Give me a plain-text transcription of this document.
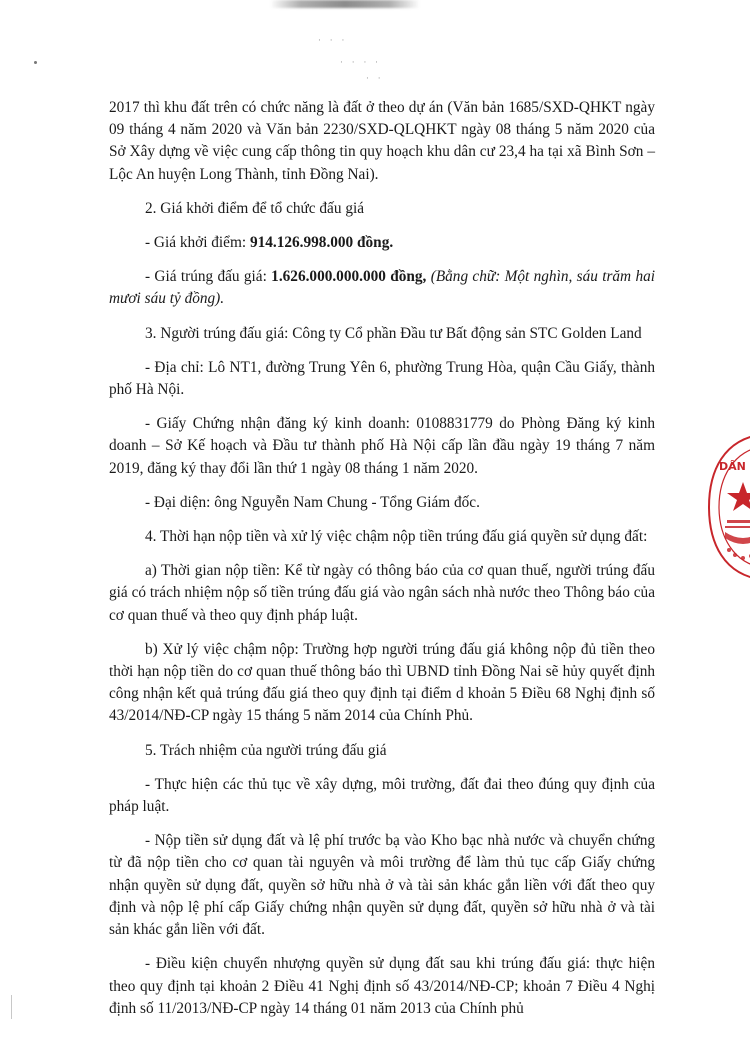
· · ·
· · · ·
· ·

2017 thì khu đất trên có chức năng là đất ở theo dự án (Văn bản 1685/SXD-QHKT ngày 09 tháng 4 năm 2020 và Văn bản 2230/SXD-QLQHKT ngày 08 tháng 5 năm 2020 của Sở Xây dựng về việc cung cấp thông tin quy hoạch khu dân cư 23,4 ha tại xã Bình Sơn – Lộc An huyện Long Thành, tỉnh Đồng Nai).

2. Giá khởi điểm để tổ chức đấu giá

- Giá khởi điểm: 914.126.998.000 đồng.

- Giá trúng đấu giá: 1.626.000.000.000 đồng, (Bằng chữ: Một nghìn, sáu trăm hai mươi sáu tỷ đồng).

3. Người trúng đấu giá: Công ty Cổ phần Đầu tư Bất động sản STC Golden Land

- Địa chỉ: Lô NT1, đường Trung Yên 6, phường Trung Hòa, quận Cầu Giấy, thành phố Hà Nội.

- Giấy Chứng nhận đăng ký kinh doanh: 0108831779 do Phòng Đăng ký kinh doanh – Sở Kế hoạch và Đầu tư thành phố Hà Nội cấp lần đầu ngày 19 tháng 7 năm 2019, đăng ký thay đổi lần thứ 1 ngày 08 tháng 1 năm 2020.

- Đại diện: ông Nguyễn Nam Chung - Tổng Giám đốc.

4. Thời hạn nộp tiền và xử lý việc chậm nộp tiền trúng đấu giá quyền sử dụng đất:

a) Thời gian nộp tiền: Kể từ ngày có thông báo của cơ quan thuế, người trúng đấu giá có trách nhiệm nộp số tiền trúng đấu giá vào ngân sách nhà nước theo Thông báo của cơ quan thuế và theo quy định pháp luật.

b) Xử lý việc chậm nộp: Trường hợp người trúng đấu giá không nộp đủ tiền theo thời hạn nộp tiền do cơ quan thuế thông báo thì UBND tỉnh Đồng Nai sẽ hủy quyết định công nhận kết quả trúng đấu giá theo quy định tại điểm d khoản 5 Điều 68 Nghị định số 43/2014/NĐ-CP ngày 15 tháng 5 năm 2014 của Chính Phủ.

5. Trách nhiệm của người trúng đấu giá

- Thực hiện các thủ tục về xây dựng, môi trường, đất đai theo đúng quy định của pháp luật.

- Nộp tiền sử dụng đất và lệ phí trước bạ vào Kho bạc nhà nước và chuyển chứng từ đã nộp tiền cho cơ quan tài nguyên và môi trường để làm thủ tục cấp Giấy chứng nhận quyền sử dụng đất, quyền sở hữu nhà ở và tài sản khác gắn liền với đất theo quy định và nộp lệ phí cấp Giấy chứng nhận quyền sử dụng đất, quyền sở hữu nhà ở và tài sản khác gắn liền với đất.

- Điều kiện chuyển nhượng quyền sử dụng đất sau khi trúng đấu giá: thực hiện theo quy định tại khoản 2 Điều 41 Nghị định số 43/2014/NĐ-CP; khoản 7 Điều 4 Nghị định số 11/2013/NĐ-CP ngày 14 tháng 01 năm 2013 của Chính phủ

DÂN
